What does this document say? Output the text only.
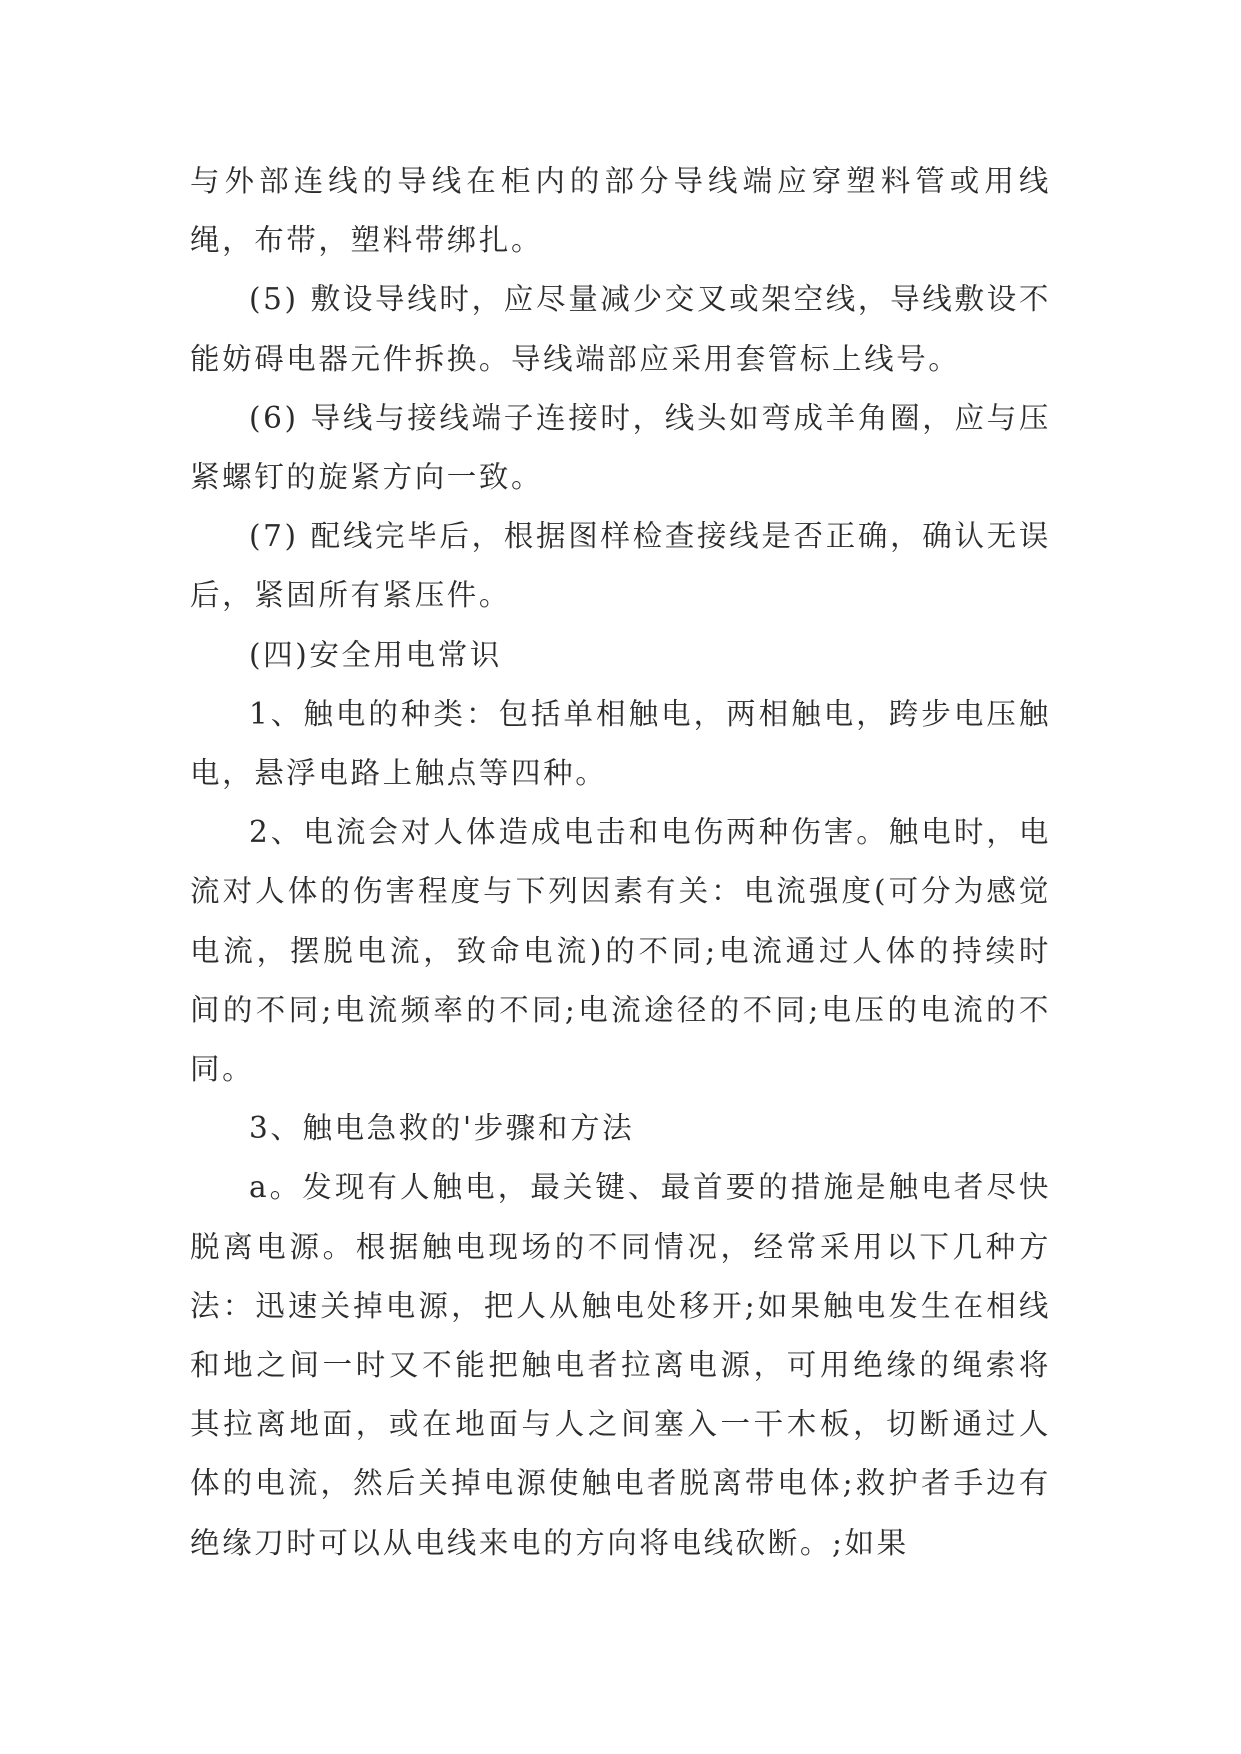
与外部连线的导线在柜内的部分导线端应穿塑料管或用线绳，布带，塑料带绑扎。

(5) 敷设导线时，应尽量减少交叉或架空线，导线敷设不能妨碍电器元件拆换。导线端部应采用套管标上线号。

(6) 导线与接线端子连接时，线头如弯成羊角圈，应与压紧螺钉的旋紧方向一致。

(7) 配线完毕后，根据图样检查接线是否正确，确认无误后，紧固所有紧压件。

(四)安全用电常识

1、触电的种类：包括单相触电，两相触电，跨步电压触电，悬浮电路上触点等四种。

2、电流会对人体造成电击和电伤两种伤害。触电时，电流对人体的伤害程度与下列因素有关：电流强度(可分为感觉电流，摆脱电流，致命电流)的不同;电流通过人体的持续时间的不同;电流频率的不同;电流途径的不同;电压的电流的不同。

3、触电急救的'步骤和方法

a。发现有人触电，最关键、最首要的措施是触电者尽快脱离电源。根据触电现场的不同情况，经常采用以下几种方法：迅速关掉电源，把人从触电处移开;如果触电发生在相线和地之间一时又不能把触电者拉离电源，可用绝缘的绳索将其拉离地面，或在地面与人之间塞入一干木板，切断通过人体的电流，然后关掉电源使触电者脱离带电体;救护者手边有绝缘刀时可以从电线来电的方向将电线砍断。;如果
